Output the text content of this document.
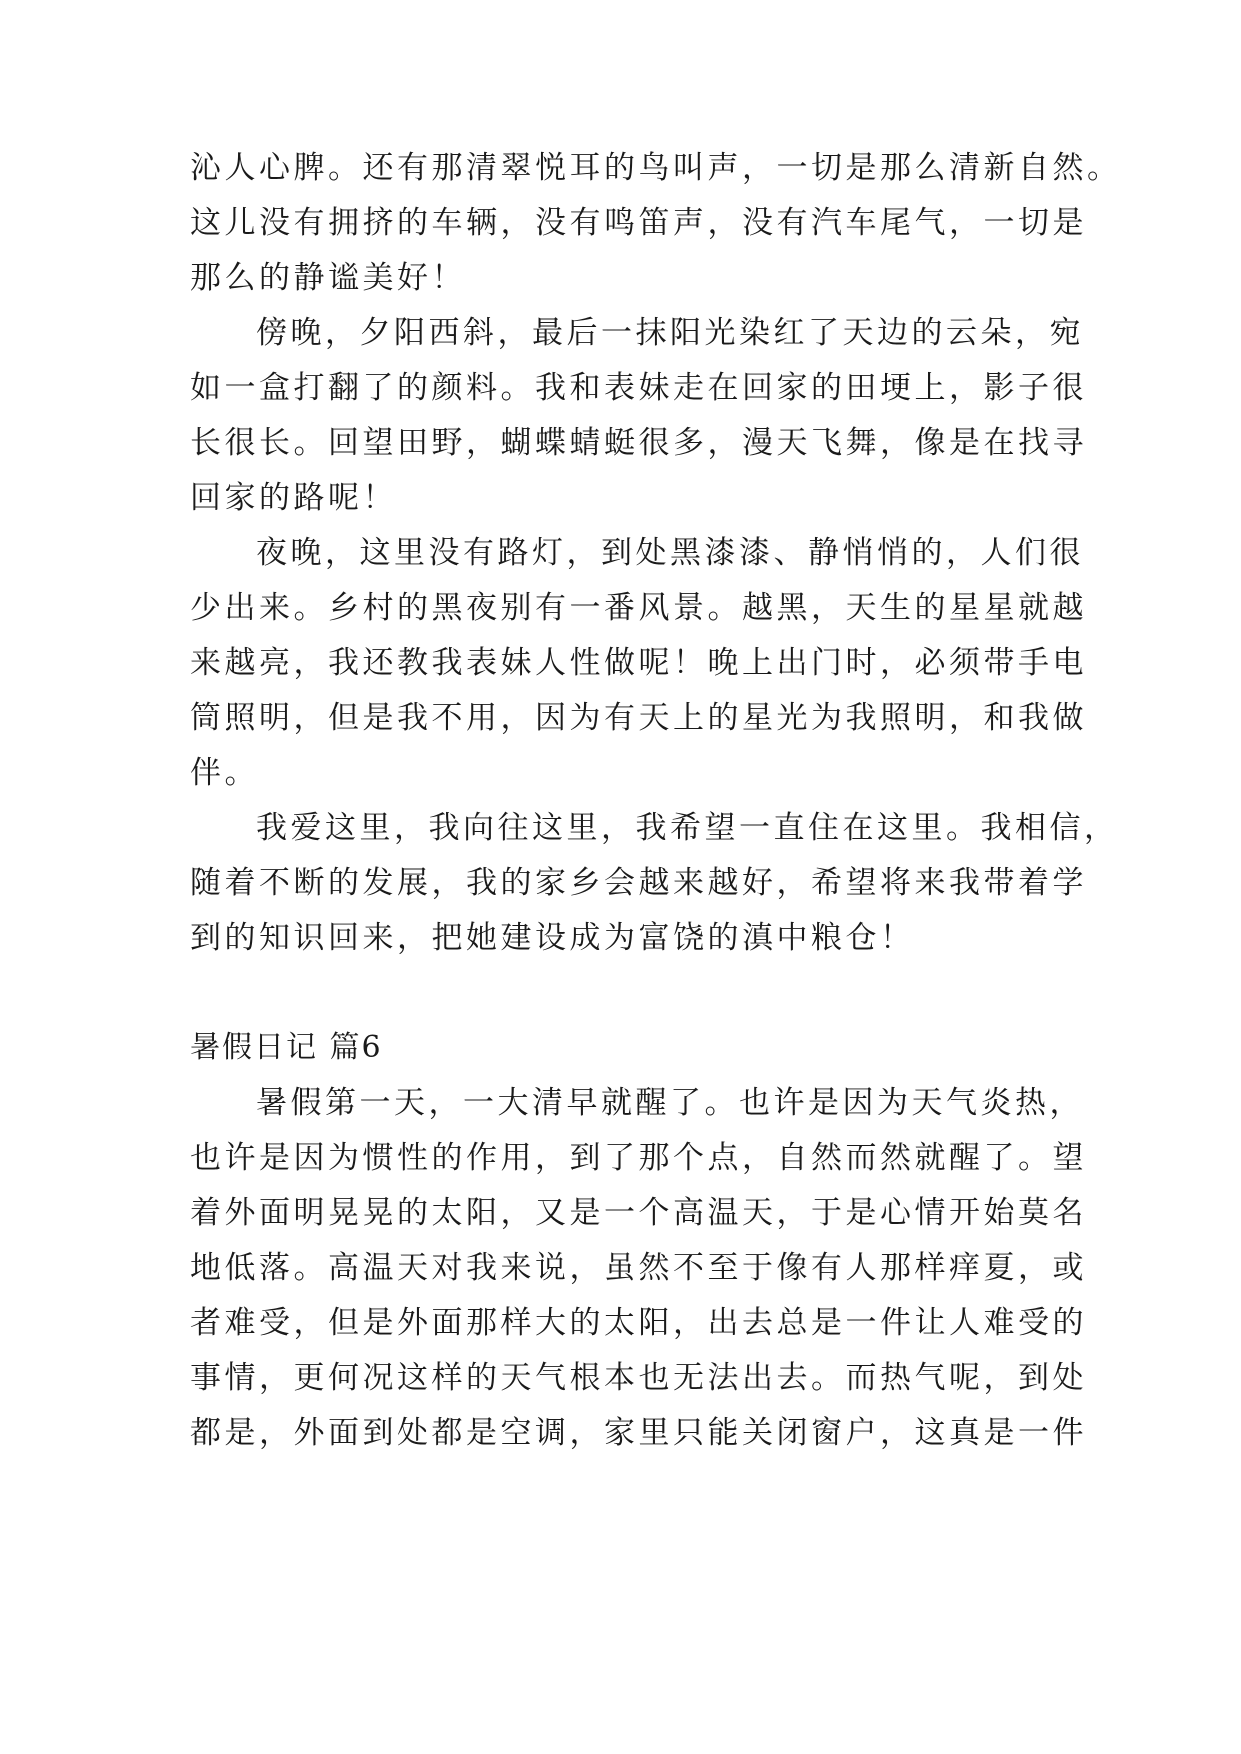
沁人心脾。还有那清翠悦耳的鸟叫声，一切是那么清新自然。

这儿没有拥挤的车辆，没有鸣笛声，没有汽车尾气，一切是

那么的静谧美好！

傍晚，夕阳西斜，最后一抹阳光染红了天边的云朵，宛

如一盒打翻了的颜料。我和表妹走在回家的田埂上，影子很

长很长。回望田野，蝴蝶蜻蜓很多，漫天飞舞，像是在找寻

回家的路呢！

夜晚，这里没有路灯，到处黑漆漆、静悄悄的，人们很

少出来。乡村的黑夜别有一番风景。越黑，天生的星星就越

来越亮，我还教我表妹人性做呢！晚上出门时，必须带手电

筒照明，但是我不用，因为有天上的星光为我照明，和我做

伴。

我爱这里，我向往这里，我希望一直住在这里。我相信，

随着不断的发展，我的家乡会越来越好，希望将来我带着学

到的知识回来，把她建设成为富饶的滇中粮仓！

暑假日记 篇6

暑假第一天，一大清早就醒了。也许是因为天气炎热，

也许是因为惯性的作用，到了那个点，自然而然就醒了。望

着外面明晃晃的太阳，又是一个高温天，于是心情开始莫名

地低落。高温天对我来说，虽然不至于像有人那样痒夏，或

者难受，但是外面那样大的太阳，出去总是一件让人难受的

事情，更何况这样的天气根本也无法出去。而热气呢，到处

都是，外面到处都是空调，家里只能关闭窗户，这真是一件
